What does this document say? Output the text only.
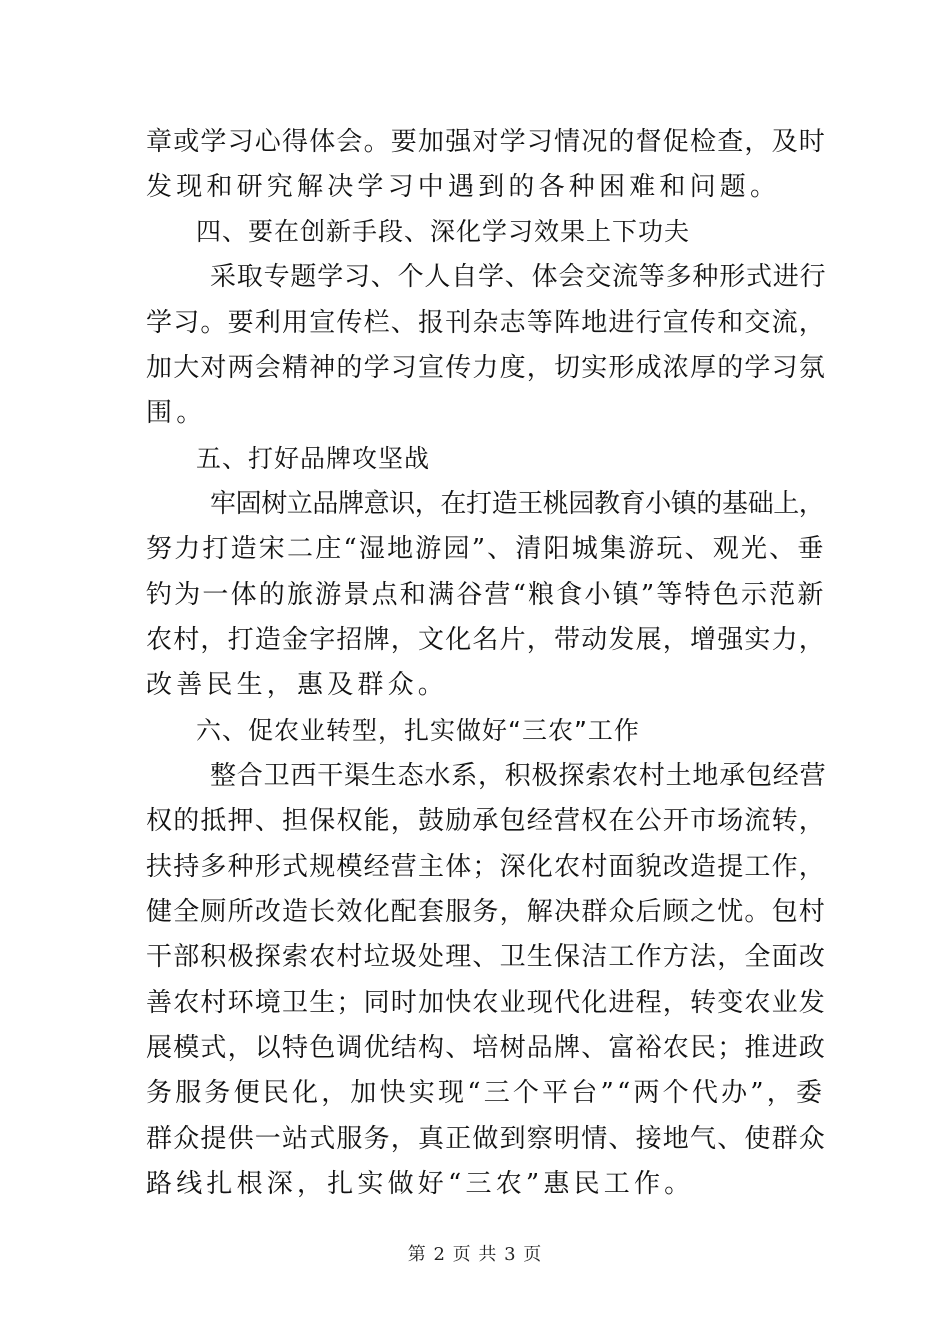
章或学习心得体会。要加强对学习情况的督促检查，及时
发现和研究解决学习中遇到的各种困难和问题。
四、要在创新手段、深化学习效果上下功夫
采取专题学习、个人自学、体会交流等多种形式进行
学习。要利用宣传栏、报刊杂志等阵地进行宣传和交流，
加大对两会精神的学习宣传力度，切实形成浓厚的学习氛
围。
五、打好品牌攻坚战
牢固树立品牌意识，在打造王桃园教育小镇的基础上，
努力打造宋二庄“湿地游园”、清阳城集游玩、观光、垂
钓为一体的旅游景点和满谷营“粮食小镇”等特色示范新
农村，打造金字招牌，文化名片，带动发展，增强实力，
改善民生，惠及群众。
六、促农业转型，扎实做好“三农”工作
整合卫西干渠生态水系，积极探索农村土地承包经营
权的抵押、担保权能，鼓励承包经营权在公开市场流转，
扶持多种形式规模经营主体；深化农村面貌改造提工作，
健全厕所改造长效化配套服务，解决群众后顾之忧。包村
干部积极探索农村垃圾处理、卫生保洁工作方法，全面改
善农村环境卫生；同时加快农业现代化进程，转变农业发
展模式，以特色调优结构、培树品牌、富裕农民；推进政
务服务便民化，加快实现“三个平台”“两个代办”，委
群众提供一站式服务，真正做到察明情、接地气、使群众
路线扎根深，扎实做好“三农”惠民工作。
第 2 页 共 3 页
